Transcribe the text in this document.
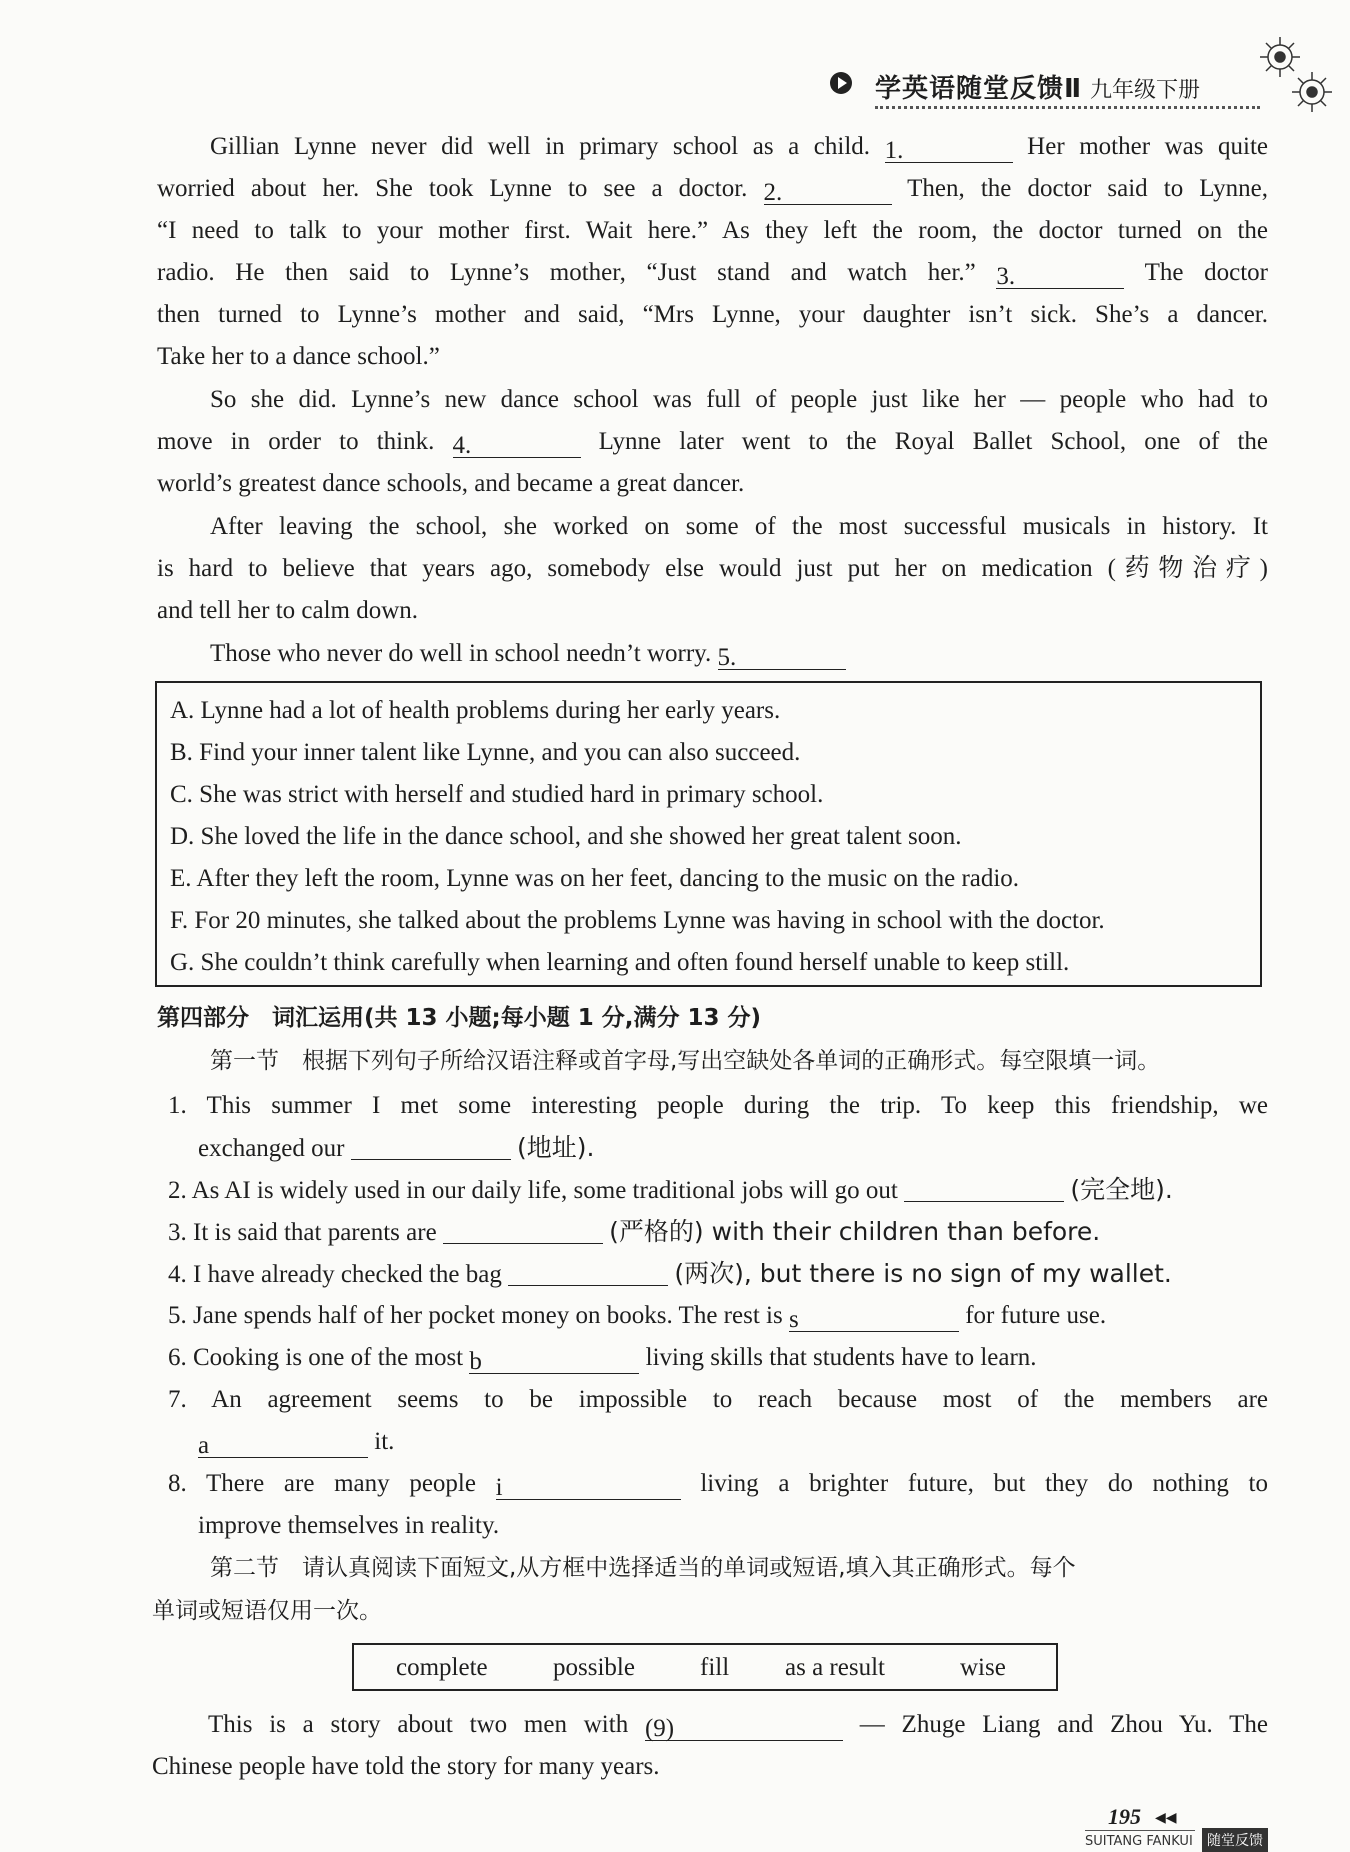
学英语随堂反馈Ⅱ 九年级下册
Gillian Lynne never did well in primary school as a child. 1.	Her mother was quite
worried about her. She took Lynne to see a doctor. 2.	Then, the doctor said to Lynne,
“I need to talk to your mother first. Wait here.” As they left the room, the doctor turned on the
radio. He then said to Lynne’s mother, “Just stand and watch her.” 3.	The doctor
then turned to Lynne’s mother and said, “Mrs Lynne, your daughter isn’t sick. She’s a dancer.
Take her to a dance school.”
So she did. Lynne’s new dance school was full of people just like her — people who had to
move in order to think. 4.	Lynne later went to the Royal Ballet School, one of the
world’s greatest dance schools, and became a great dancer.
After leaving the school, she worked on some of the most successful musicals in history. It
is hard to believe that years ago, somebody else would just put her on medication (药物治疗)
and tell her to calm down.
Those who never do well in school needn’t worry. 5.
A. Lynne had a lot of health problems during her early years.
B. Find your inner talent like Lynne, and you can also succeed.
C. She was strict with herself and studied hard in primary school.
D. She loved the life in the dance school, and she showed her great talent soon.
E. After they left the room, Lynne was on her feet, dancing to the music on the radio.
F. For 20 minutes, she talked about the problems Lynne was having in school with the doctor.
G. She couldn’t think carefully when learning and often found herself unable to keep still.
第四部分　词汇运用(共 13 小题;每小题 1 分,满分 13 分)
第一节　根据下列句子所给汉语注释或首字母,写出空缺处各单词的正确形式。每空限填一词。
1. This summer I met some interesting people during the trip. To keep this friendship, we
exchanged our	(地址).
2. As AI is widely used in our daily life, some traditional jobs will go out	(完全地).
3. It is said that parents are	(严格的) with their children than before.
4. I have already checked the bag	(两次), but there is no sign of my wallet.
5. Jane spends half of her pocket money on books. The rest is s	for future use.
6. Cooking is one of the most b	living skills that students have to learn.
7. An agreement seems to be impossible to reach because most of the members are
a	it.
8. There are many people i	living a brighter future, but they do nothing to
improve themselves in reality.
第二节　请认真阅读下面短文,从方框中选择适当的单词或短语,填入其正确形式。每个
单词或短语仅用一次。
complete	possible	fill as a result	wise
This is a story about two men with (9)	— Zhuge Liang and Zhou Yu. The
Chinese people have told the story for many years.
195 ◀◀
SUITANG FANKUI	随堂反馈
